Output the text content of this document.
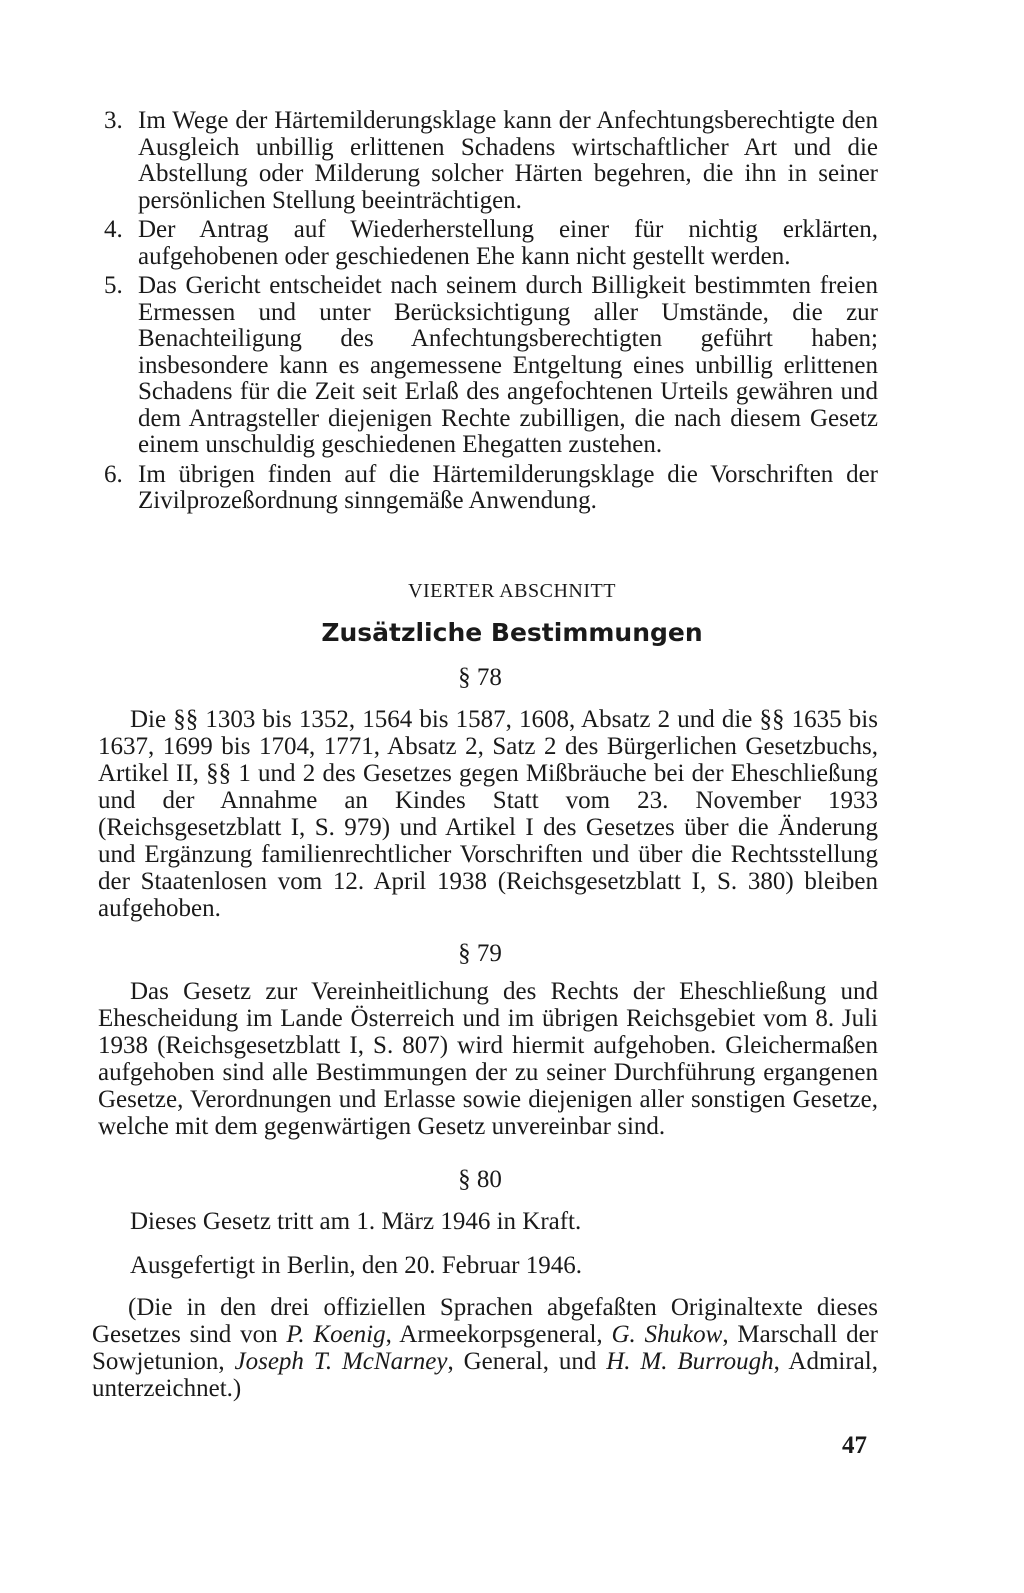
3. Im Wege der Härtemilderungsklage kann der Anfechtungsberechtigte den Ausgleich unbillig erlittenen Schadens wirtschaftlicher Art und die Abstellung oder Milderung solcher Härten begehren, die ihn in seiner persönlichen Stellung beeinträchtigen.
4. Der Antrag auf Wiederherstellung einer für nichtig erklärten, aufgehobenen oder geschiedenen Ehe kann nicht gestellt werden.
5. Das Gericht entscheidet nach seinem durch Billigkeit bestimmten freien Ermessen und unter Berücksichtigung aller Umstände, die zur Benachteiligung des Anfechtungsberechtigten geführt haben; insbesondere kann es angemessene Entgeltung eines unbillig erlittenen Schadens für die Zeit seit Erlaß des angefochtenen Urteils gewähren und dem Antragsteller diejenigen Rechte zubilligen, die nach diesem Gesetz einem unschuldig geschiedenen Ehegatten zustehen.
6. Im übrigen finden auf die Härtemilderungsklage die Vorschriften der Zivilprozeßordnung sinngemäße Anwendung.
VIERTER ABSCHNITT
Zusätzliche Bestimmungen
§ 78

Die §§ 1303 bis 1352, 1564 bis 1587, 1608, Absatz 2 und die §§ 1635 bis 1637, 1699 bis 1704, 1771, Absatz 2, Satz 2 des Bürgerlichen Gesetzbuchs, Artikel II, §§ 1 und 2 des Gesetzes gegen Mißbräuche bei der Eheschließung und der Annahme an Kindes Statt vom 23. November 1933 (Reichsgesetzblatt I, S. 979) und Artikel I des Gesetzes über die Änderung und Ergänzung familienrechtlicher Vorschriften und über die Rechtsstellung der Staatenlosen vom 12. April 1938 (Reichsgesetzblatt I, S. 380) bleiben aufgehoben.

§ 79

Das Gesetz zur Vereinheitlichung des Rechts der Eheschließung und Ehescheidung im Lande Österreich und im übrigen Reichsgebiet vom 8. Juli 1938 (Reichsgesetzblatt I, S. 807) wird hiermit aufgehoben. Gleichermaßen aufgehoben sind alle Bestimmungen der zu seiner Durchführung ergangenen Gesetze, Verordnungen und Erlasse sowie diejenigen aller sonstigen Gesetze, welche mit dem gegenwärtigen Gesetz unvereinbar sind.

§ 80

Dieses Gesetz tritt am 1. März 1946 in Kraft.

Ausgefertigt in Berlin, den 20. Februar 1946.

(Die in den drei offiziellen Sprachen abgefaßten Originaltexte dieses Gesetzes sind von P. Koenig, Armeekorpsgeneral, G. Shukow, Marschall der Sowjetunion, Joseph T. McNarney, General, und H. M. Burrough, Admiral, unterzeichnet.)

47
